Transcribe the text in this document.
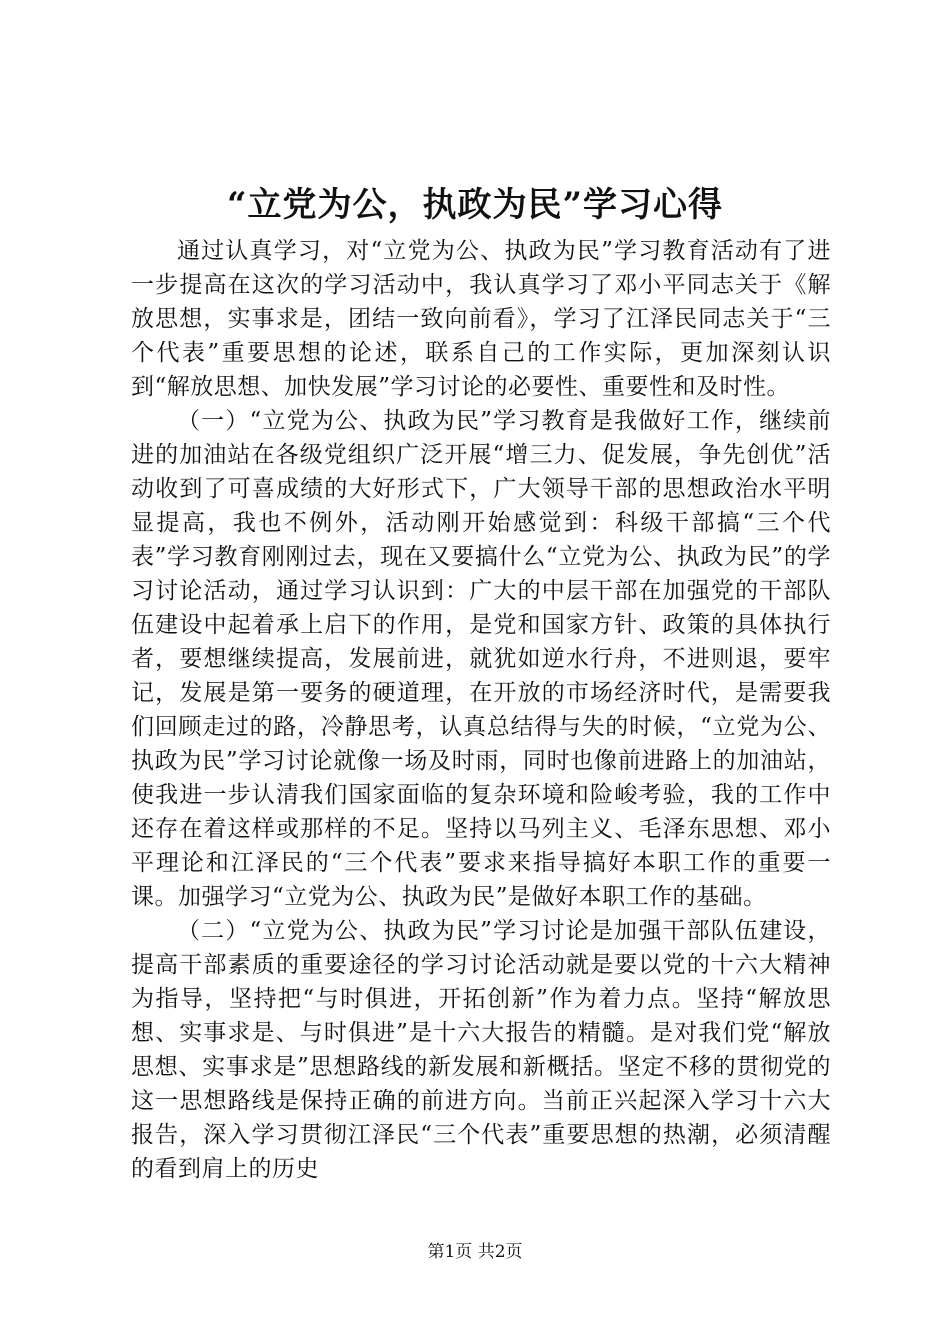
“立党为公，执政为民”学习心得

通过认真学习，对“立党为公、执政为民”学习教育活动有了进一步提高在这次的学习活动中，我认真学习了邓小平同志关于《解放思想，实事求是，团结一致向前看》，学习了江泽民同志关于“三个代表”重要思想的论述，联系自己的工作实际，更加深刻认识到“解放思想、加快发展”学习讨论的必要性、重要性和及时性。

（一）“立党为公、执政为民”学习教育是我做好工作，继续前进的加油站在各级党组织广泛开展“增三力、促发展，争先创优”活动收到了可喜成绩的大好形式下，广大领导干部的思想政治水平明显提高，我也不例外，活动刚开始感觉到：科级干部搞“三个代表”学习教育刚刚过去，现在又要搞什么“立党为公、执政为民”的学习讨论活动，通过学习认识到：广大的中层干部在加强党的干部队伍建设中起着承上启下的作用，是党和国家方针、政策的具体执行者，要想继续提高，发展前进，就犹如逆水行舟，不进则退，要牢记，发展是第一要务的硬道理，在开放的市场经济时代，是需要我们回顾走过的路，冷静思考，认真总结得与失的时候，“立党为公、执政为民”学习讨论就像一场及时雨，同时也像前进路上的加油站，使我进一步认清我们国家面临的复杂环境和险峻考验，我的工作中还存在着这样或那样的不足。坚持以马列主义、毛泽东思想、邓小平理论和江泽民的“三个代表”要求来指导搞好本职工作的重要一课。加强学习“立党为公、执政为民”是做好本职工作的基础。

（二）“立党为公、执政为民”学习讨论是加强干部队伍建设，提高干部素质的重要途径的学习讨论活动就是要以党的十六大精神为指导，坚持把“与时俱进，开拓创新”作为着力点。坚持“解放思想、实事求是、与时俱进”是十六大报告的精髓。是对我们党“解放思想、实事求是”思想路线的新发展和新概括。坚定不移的贯彻党的这一思想路线是保持正确的前进方向。当前正兴起深入学习十六大报告，深入学习贯彻江泽民“三个代表”重要思想的热潮，必须清醒的看到肩上的历史

第1页 共2页
